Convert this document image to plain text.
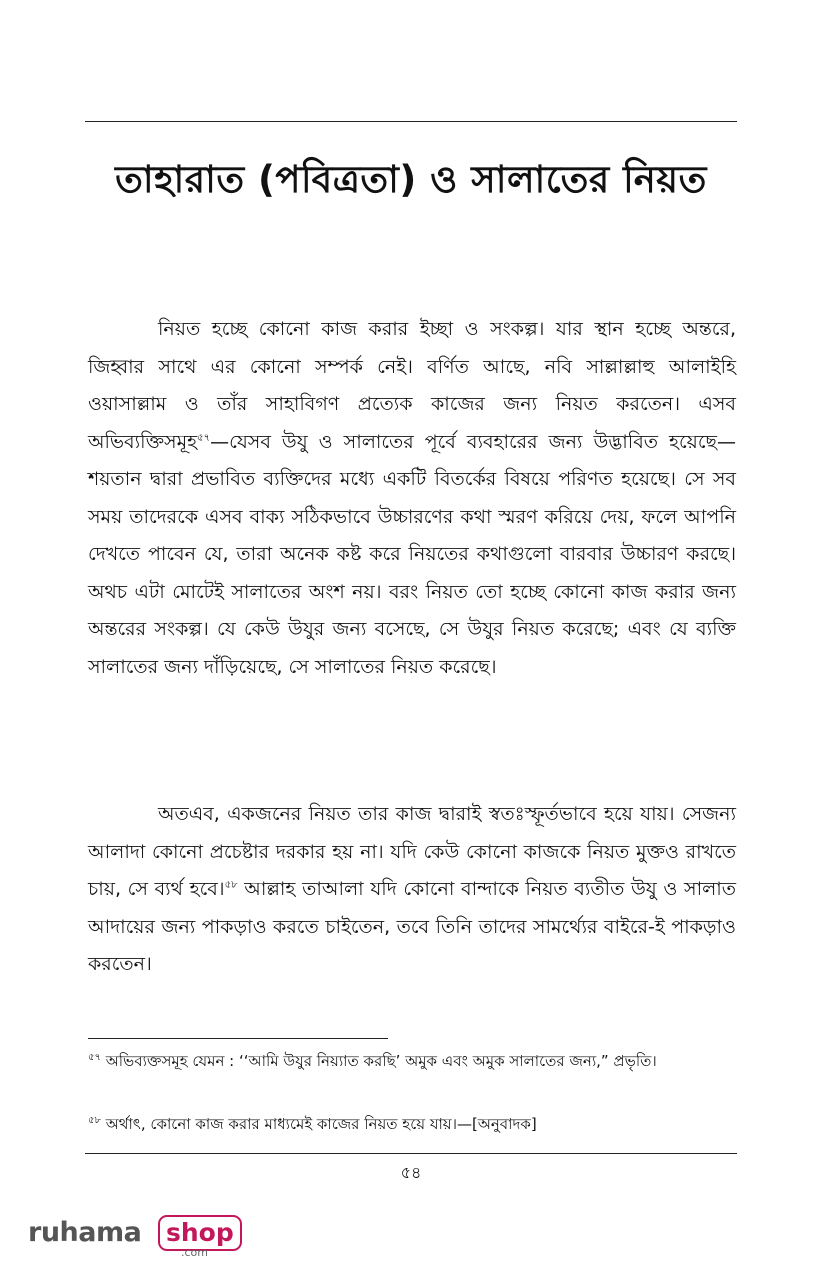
তাহারাত (পবিত্রতা) ও সালাতের নিয়ত

নিয়ত হচ্ছে কোনো কাজ করার ইচ্ছা ও সংকল্প। যার স্থান হচ্ছে অন্তরে, জিহ্বার সাথে এর কোনো সম্পর্ক নেই। বর্ণিত আছে, নবি সাল্লাল্লাহু আলাইহি ওয়াসাল্লাম ও তাঁর সাহাবিগণ প্রত্যেক কাজের জন্য নিয়ত করতেন। এসব অভিব্যক্তিসমূহ$^{৫৭}$—যেসব উযু ও সালাতের পূর্বে ব্যবহারের জন্য উদ্ভাবিত হয়েছে—শয়তান দ্বারা প্রভাবিত ব্যক্তিদের মধ্যে একটি বিতর্কের বিষয়ে পরিণত হয়েছে। সে সব সময় তাদেরকে এসব বাক্য সঠিকভাবে উচ্চারণের কথা স্মরণ করিয়ে দেয়, ফলে আপনি দেখতে পাবেন যে, তারা অনেক কষ্ট করে নিয়তের কথাগুলো বারবার উচ্চারণ করছে। অথচ এটা মোটেই সালাতের অংশ নয়। বরং নিয়ত তো হচ্ছে কোনো কাজ করার জন্য অন্তরের সংকল্প। যে কেউ উযুর জন্য বসেছে, সে উযুর নিয়ত করেছে; এবং যে ব্যক্তি সালাতের জন্য দাঁড়িয়েছে, সে সালাতের নিয়ত করেছে।

অতএব, একজনের নিয়ত তার কাজ দ্বারাই স্বতঃস্ফূর্তভাবে হয়ে যায়। সেজন্য আলাদা কোনো প্রচেষ্টার দরকার হয় না। যদি কেউ কোনো কাজকে নিয়ত মুক্তও রাখতে চায়, সে ব্যর্থ হবে।$^{৫৮}$ আল্লাহ তাআলা যদি কোনো বান্দাকে নিয়ত ব্যতীত উযু ও সালাত আদায়ের জন্য পাকড়াও করতে চাইতেন, তবে তিনি তাদের সামর্থ্যের বাইরে-ই পাকড়াও করতেন।

$^{৫৭}$ অভিব্যক্তসমূহ যেমন : ‘‘আমি উযুর নিয়্যাত করছি’ অমুক এবং অমুক সালাতের জন্য,” প্রভৃতি।

$^{৫৮}$ অর্থাৎ, কোনো কাজ করার মাধ্যমেই কাজের নিয়ত হয়ে যায়।—[অনুবাদক]

৫৪

ruhama shop
.com
